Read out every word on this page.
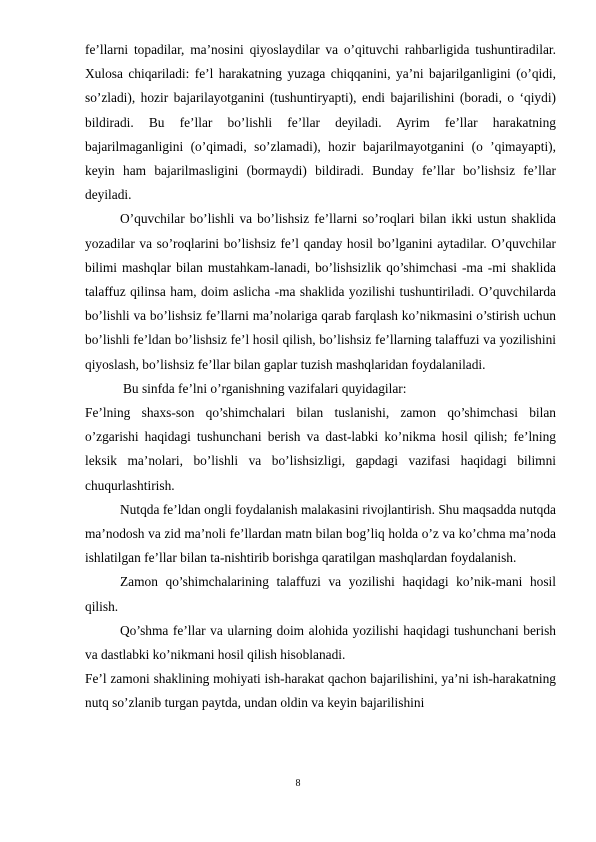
fe’llarni topadilar, ma’nosini qiyoslaydilar va o’qituvchi rahbarligida tushuntiradilar. Xulosa chiqariladi: fe’l harakatning yuzaga chiqqanini, ya’ni bajarilganligini (o’qidi, so’zladi), hozir bajarilayotganini (tushuntiryapti), endi bajarilishini (boradi, o ‘qiydi) bildiradi. Bu fe’llar bo’lishli fe’llar deyiladi. Ayrim fe’llar harakatning bajarilmaganligini (o’qimadi, so’zlamadi), hozir bajarilmayotganini (o ’qimayapti), keyin ham bajarilmasligini (bormaydi) bildiradi. Bunday fe’llar bo’lishsiz fe’llar deyiladi.

O’quvchilar bo’lishli va bo’lishsiz fe’llarni so’roqlari bilan ikki ustun shaklida yozadilar va so’roqlarini bo’lishsiz fe’l qanday hosil bo’lganini aytadilar. O’quvchilar bilimi mashqlar bilan mustahkam-lanadi, bo’lishsizlik qo’shimchasi -ma -mi shaklida talaffuz qilinsa ham, doim aslicha -ma shaklida yozilishi tushuntiriladi. O’quvchilarda bo’lishli va bo’lishsiz fe’llarni ma’nolariga qarab farqlash ko’nikmasini o’stirish uchun bo’lishli fe’ldan bo’lishsiz fe’l hosil qilish, bo’lishsiz fe’llarning talaffuzi va yozilishini qiyoslash, bo’lishsiz fe’llar bilan gaplar tuzish mashqlaridan foydalaniladi.

Bu sinfda fe’lni o’rganishning vazifalari quyidagilar:

Fe’lning shaxs-son qo’shimchalari bilan tuslanishi, zamon qo’shimchasi bilan o’zgarishi haqidagi tushunchani berish va dast-labki ko’nikma hosil qilish; fe’lning leksik ma’nolari, bo’lishli va bo’lishsizligi, gapdagi vazifasi haqidagi bilimni chuqurlashtirish.

Nutqda fe’ldan ongli foydalanish malakasini rivojlantirish. Shu maqsadda nutqda ma’nodosh va zid ma’noli fe’llardan matn bilan bog’liq holda o’z va ko’chma ma’noda ishlatilgan fe’llar bilan ta-nishtirib borishga qaratilgan mashqlardan foydalanish.

Zamon qo’shimchalarining talaffuzi va yozilishi haqidagi ko’nik-mani hosil qilish.

Qo’shma fe’llar va ularning doim alohida yozilishi haqidagi tushunchani berish va dastlabki ko’nikmani hosil qilish hisoblanadi.

Fe’l zamoni shaklining mohiyati ish-harakat qachon bajarilishini, ya’ni ish-harakatning nutq so’zlanib turgan paytda, undan oldin va keyin bajarilishini

8
